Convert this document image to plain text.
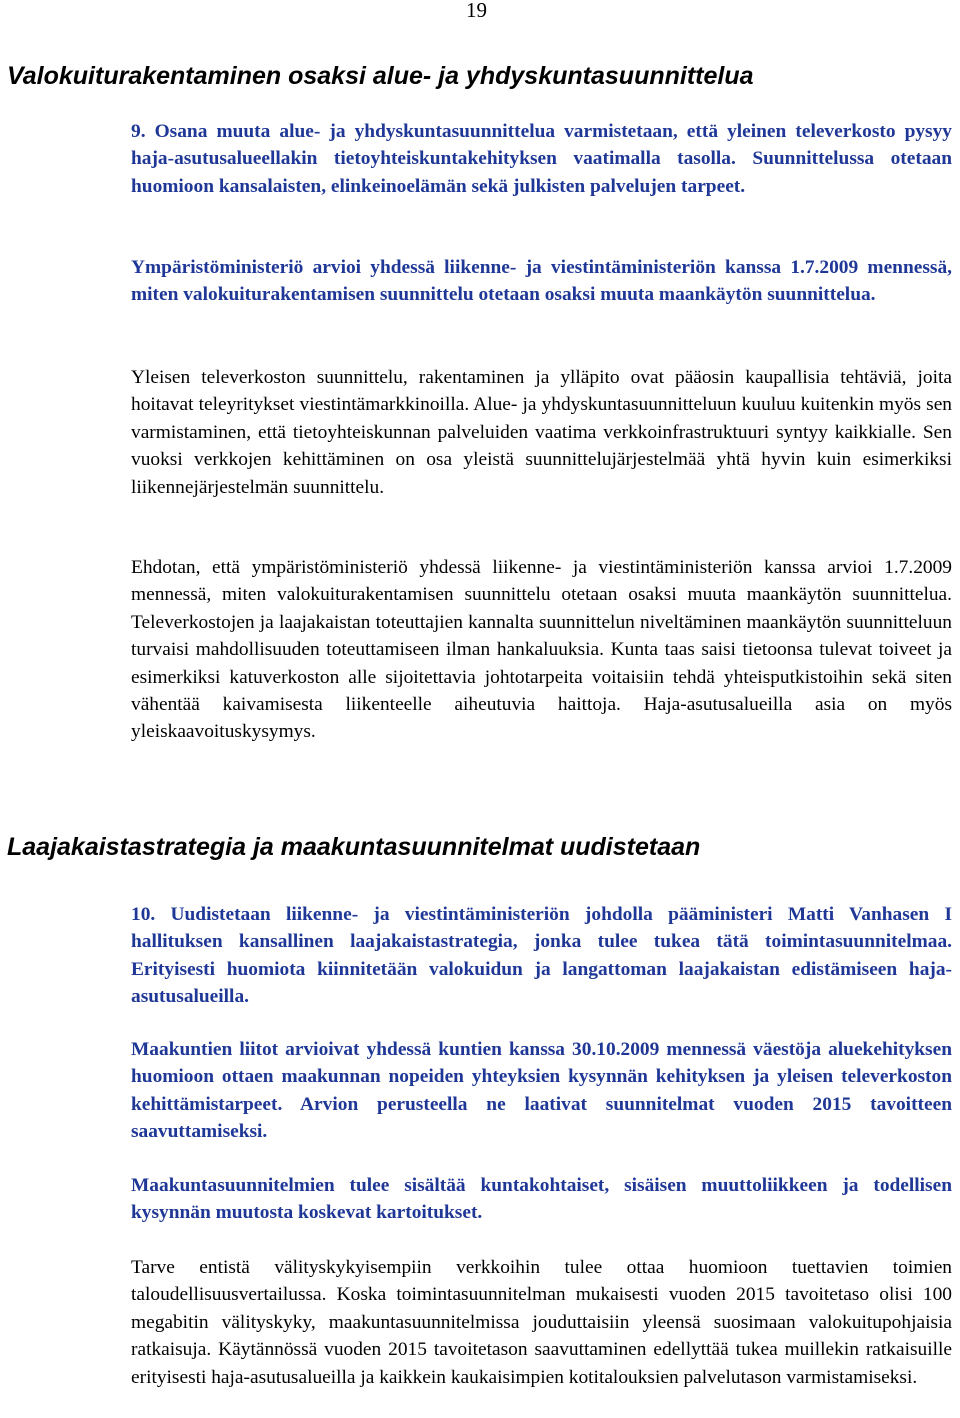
19
Valokuiturakentaminen osaksi alue- ja yhdyskuntasuunnittelua

9. Osana muuta alue- ja yhdyskuntasuunnittelua varmistetaan, että yleinen televerkosto pysyy haja-asutusalueellakin tietoyhteiskuntakehityksen vaatimalla tasolla. Suunnittelussa otetaan huomioon kansalaisten, elinkeinoelämän sekä julkisten palvelujen tarpeet.

Ympäristöministeriö arvioi yhdessä liikenne- ja viestintäministeriön kanssa 1.7.2009 mennessä, miten valokuiturakentamisen suunnittelu otetaan osaksi muuta maankäytön suunnittelua.

Yleisen televerkoston suunnittelu, rakentaminen ja ylläpito ovat pääosin kaupallisia tehtäviä, joita hoitavat teleyritykset viestintämarkkinoilla. Alue- ja yhdyskuntasuunnitteluun kuuluu kuitenkin myös sen varmistaminen, että tietoyhteiskunnan palveluiden vaatima verkkoinfrastruktuuri syntyy kaikkialle. Sen vuoksi verkkojen kehittäminen on osa yleistä suunnittelujärjestelmää yhtä hyvin kuin esimerkiksi liikennejärjestelmän suunnittelu.

Ehdotan, että ympäristöministeriö yhdessä liikenne- ja viestintäministeriön kanssa arvioi 1.7.2009 mennessä, miten valokuiturakentamisen suunnittelu otetaan osaksi muuta maankäytön suunnittelua. Televerkostojen ja laajakaistan toteuttajien kannalta suunnittelun niveltäminen maankäytön suunnitteluun turvaisi mahdollisuuden toteuttamiseen ilman hankaluuksia. Kunta taas saisi tietoonsa tulevat toiveet ja esimerkiksi katuverkoston alle sijoitettavia johtotarpeita voitaisiin tehdä yhteisputkistoihin sekä siten vähentää kaivamisesta liikenteelle aiheutuvia haittoja. Haja-asutusalueilla asia on myös yleiskaavoituskysymys.

Laajakaistastrategia ja maakuntasuunnitelmat uudistetaan

10. Uudistetaan liikenne- ja viestintäministeriön johdolla pääministeri Matti Vanhasen I hallituksen kansallinen laajakaistastrategia, jonka tulee tukea tätä toimintasuunnitelmaa. Erityisesti huomiota kiinnitetään valokuidun ja langattoman laajakaistan edistämiseen haja-asutusalueilla.

Maakuntien liitot arvioivat yhdessä kuntien kanssa 30.10.2009 mennessä väestöja aluekehityksen huomioon ottaen maakunnan nopeiden yhteyksien kysynnän kehityksen ja yleisen televerkoston kehittämistarpeet. Arvion perusteella ne laativat suunnitelmat vuoden 2015 tavoitteen saavuttamiseksi.

Maakuntasuunnitelmien tulee sisältää kuntakohtaiset, sisäisen muuttoliikkeen ja todellisen kysynnän muutosta koskevat kartoitukset.

Tarve entistä välityskykyisempiin verkkoihin tulee ottaa huomioon tuettavien toimien taloudellisuusvertailussa. Koska toimintasuunnitelman mukaisesti vuoden 2015 tavoitetaso olisi 100 megabitin välityskyky, maakuntasuunnitelmissa jouduttaisiin yleensä suosimaan valokuitupohjaisia ratkaisuja. Käytännössä vuoden 2015 tavoitetason saavuttaminen edellyttää tukea muillekin ratkaisuille erityisesti haja-asutusalueilla ja kaikkein kaukaisimpien kotitalouksien palvelutason varmistamiseksi.
